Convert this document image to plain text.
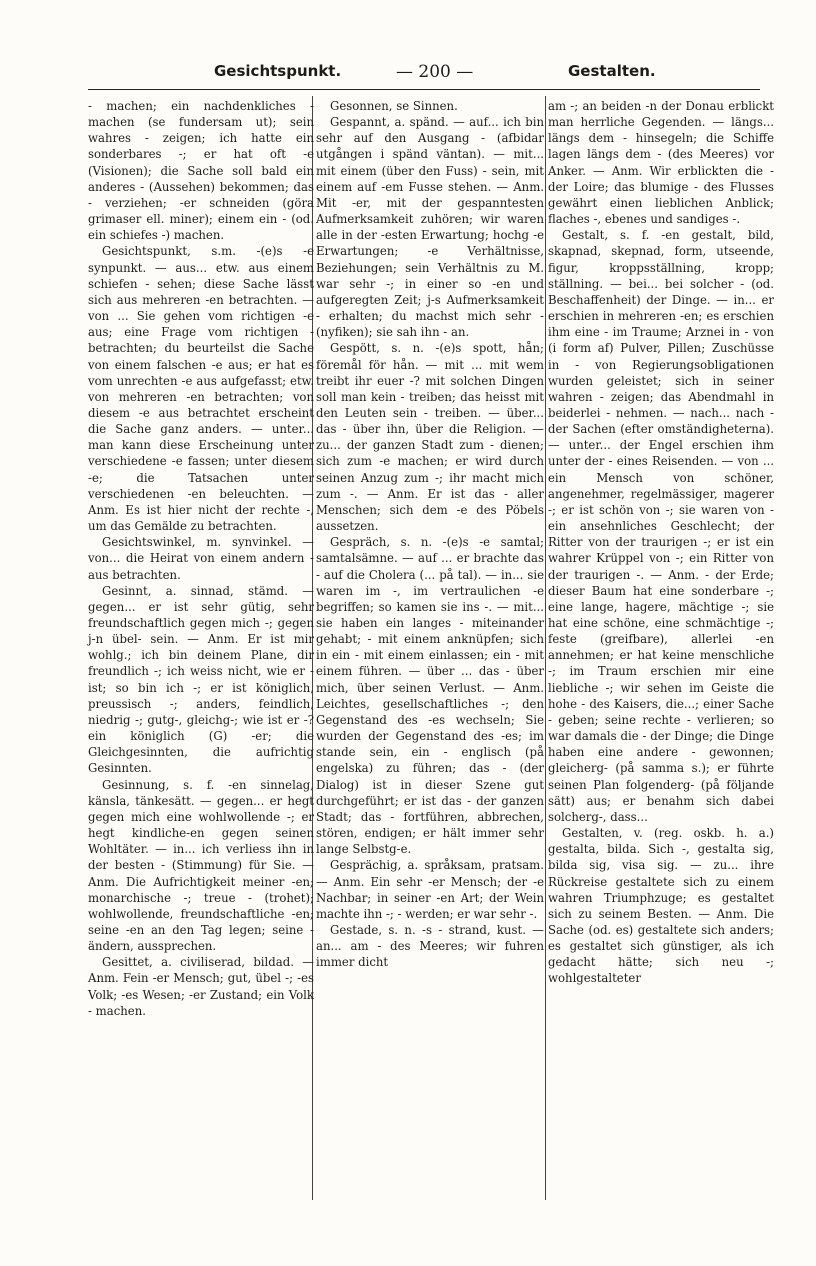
Gesichtspunkt.	— 200 —	Gestalten.

- machen; ein nachdenkliches - machen (se fundersam ut); sein wahres - zeigen; ich hatte ein sonderbares -; er hat oft -e (Visionen); die Sache soll bald ein anderes - (Aussehen) bekommen; das - verziehen; -er schneiden (göra grimaser ell. miner); einem ein - (od. ein schiefes -) machen.

Gesichtspunkt, s.m. -(e)s -e synpunkt. — aus... etw. aus einem schiefen - sehen; diese Sache lässt sich aus mehreren -en betrachten. — von ... Sie gehen vom richtigen -e aus; eine Frage vom richtigen - betrachten; du beurteilst die Sache von einem falschen -e aus; er hat es vom unrechten -e aus aufgefasst; etw. von mehreren -en betrachten; von diesem -e aus betrachtet erscheint die Sache ganz anders. — unter... man kann diese Erscheinung unter verschiedene -e fassen; unter diesem -e; die Tatsachen unter verschiedenen -en beleuchten. — Anm. Es ist hier nicht der rechte -, um das Gemälde zu betrachten.

Gesichtswinkel, m. synvinkel. — von... die Heirat von einem andern - aus betrachten.

Gesinnt, a. sinnad, stämd. — gegen... er ist sehr gütig, sehr freundschaftlich gegen mich -; gegen j-n übel- sein. — Anm. Er ist mir wohlg.; ich bin deinem Plane, dir freundlich -; ich weiss nicht, wie er - ist; so bin ich -; er ist königlich, preussisch -; anders, feindlich, niedrig -; gutg-, gleichg-; wie ist er -? ein königlich (G) -er; die Gleichgesinnten, die aufrichtig Gesinnten.

Gesinnung, s. f. -en sinnelag, känsla, tänkesätt. — gegen... er hegt gegen mich eine wohlwollende -; er hegt kindliche-en gegen seinen Wohltäter. — in... ich verliess ihn in der besten - (Stimmung) für Sie. — Anm. Die Aufrichtigkeit meiner -en; monarchische -; treue - (trohet); wohlwollende, freundschaftliche -en; seine -en an den Tag legen; seine - ändern, aussprechen.

Gesittet, a. civiliserad, bildad. — Anm. Fein -er Mensch; gut, übel -; -es Volk; -es Wesen; -er Zustand; ein Volk - machen.

Gesonnen, se Sinnen.

Gespannt, a. spänd. — auf... ich bin sehr auf den Ausgang - (afbidar utgången i spänd väntan). — mit... mit einem (über den Fuss) - sein, mit einem auf -em Fusse stehen. — Anm. Mit -er, mit der gespanntesten Aufmerksamkeit zuhören; wir waren alle in der -esten Erwartung; hochg -e Erwartungen; -e Verhältnisse, Beziehungen; sein Verhältnis zu M. war sehr -; in einer so -en und aufgeregten Zeit; j-s Aufmerksamkeit - erhalten; du machst mich sehr - (nyfiken); sie sah ihn - an.

Gespött, s. n. -(e)s spott, hån; föremål för hån. — mit ... mit wem treibt ihr euer -? mit solchen Dingen soll man kein - treiben; das heisst mit den Leuten sein - treiben. — über... das - über ihn, über die Religion. — zu... der ganzen Stadt zum - dienen; sich zum -e machen; er wird durch seinen Anzug zum -; ihr macht mich zum -. — Anm. Er ist das - aller Menschen; sich dem -e des Pöbels aussetzen.

Gespräch, s. n. -(e)s -e samtal; samtalsämne. — auf ... er brachte das - auf die Cholera (... på tal). — in... sie waren im -, im vertraulichen -e begriffen; so kamen sie ins -. — mit... sie haben ein langes - miteinander gehabt; - mit einem anknüpfen; sich in ein - mit einem einlassen; ein - mit einem führen. — über ... das - über mich, über seinen Verlust. — Anm. Leichtes, gesellschaftliches -; den Gegenstand des -es wechseln; Sie wurden der Gegenstand des -es; im stande sein, ein - englisch (på engelska) zu führen; das - (der Dialog) ist in dieser Szene gut durchgeführt; er ist das - der ganzen Stadt; das - fortführen, abbrechen, stören, endigen; er hält immer sehr lange Selbstg-e.

Gesprächig, a. språksam, pratsam. — Anm. Ein sehr -er Mensch; der -e Nachbar; in seiner -en Art; der Wein machte ihn -; - werden; er war sehr -.

Gestade, s. n. -s - strand, kust. — an... am - des Meeres; wir fuhren immer dicht

am -; an beiden -n der Donau erblickt man herrliche Gegenden. — längs... längs dem - hinsegeln; die Schiffe lagen längs dem - (des Meeres) vor Anker. — Anm. Wir erblickten die - der Loire; das blumige - des Flusses gewährt einen lieblichen Anblick; flaches -, ebenes und sandiges -.

Gestalt, s. f. -en gestalt, bild, skapnad, skepnad, form, utseende, figur, kroppsställning, kropp; ställning. — bei... bei solcher - (od. Beschaffenheit) der Dinge. — in... er erschien in mehreren -en; es erschien ihm eine - im Traume; Arznei in - von (i form af) Pulver, Pillen; Zuschüsse in - von Regierungsobligationen wurden geleistet; sich in seiner wahren - zeigen; das Abendmahl in beiderlei - nehmen. — nach... nach - der Sachen (efter omständigheterna). — unter... der Engel erschien ihm unter der - eines Reisenden. — von ... ein Mensch von schöner, angenehmer, regelmässiger, magerer -; er ist schön von -; sie waren von - ein ansehnliches Geschlecht; der Ritter von der traurigen -; er ist ein wahrer Krüppel von -; ein Ritter von der traurigen -. — Anm. - der Erde; dieser Baum hat eine sonderbare -; eine lange, hagere, mächtige -; sie hat eine schöne, eine schmächtige -; feste (greifbare), allerlei -en annehmen; er hat keine menschliche -; im Traum erschien mir eine liebliche -; wir sehen im Geiste die hohe - des Kaisers, die...; einer Sache - geben; seine rechte - verlieren; so war damals die - der Dinge; die Dinge haben eine andere - gewonnen; gleicherg- (på samma s.); er führte seinen Plan folgenderg- (på följande sätt) aus; er benahm sich dabei solcherg-, dass...

Gestalten, v. (reg. oskb. h. a.) gestalta, bilda. Sich -, gestalta sig, bilda sig, visa sig. — zu... ihre Rückreise gestaltete sich zu einem wahren Triumphzuge; es gestaltet sich zu seinem Besten. — Anm. Die Sache (od. es) gestaltete sich anders; es gestaltet sich günstiger, als ich gedacht hätte; sich neu -; wohlgestalteter
